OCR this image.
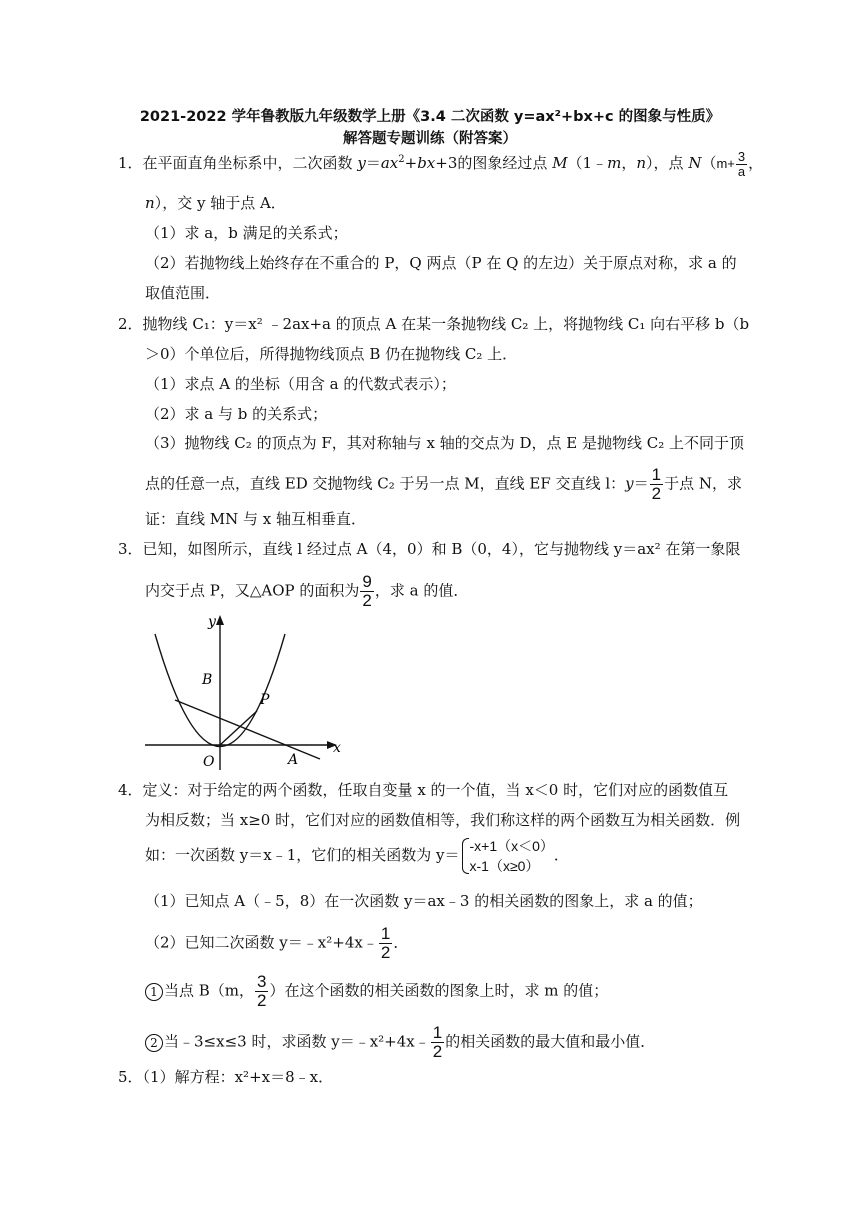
2021-2022 学年鲁教版九年级数学上册《3.4 二次函数 y=ax²+bx+c 的图象与性质》
解答题专题训练（附答案）
1．在平面直角坐标系中，二次函数 $y=ax^2+bx+3$的图象经过点 M（1﹣m，n），点 $N(m+ \frac{3}{a}$ ，
n），交 y 轴于点 A．
（1）求 a，b 满足的关系式；
（2）若抛物线上始终存在不重合的 P，Q 两点（P 在 Q 的左边）关于原点对称，求 a 的
取值范围．
2．抛物线 C₁：y＝x² ﹣2ax+a 的顶点 A 在某一条抛物线 C₂ 上，将抛物线 C₁ 向右平移 b（b
＞0）个单位后，所得抛物线顶点 B 仍在抛物线 C₂ 上．
（1）求点 A 的坐标（用含 a 的代数式表示）；
（2）求 a 与 b 的关系式；
（3）抛物线 C₂ 的顶点为 F，其对称轴与 x 轴的交点为 D，点 E 是抛物线 C₂ 上不同于顶
点的任意一点，直线 ED 交抛物线 C₂ 于另一点 M，直线 EF 交直线 l：$y= \frac{1}{2}$ 于点 N，求
证：直线 MN 与 x 轴互相垂直．
3．已知，如图所示，直线 l 经过点 A（4，0）和 B（0，4），它与抛物线 y＝ax² 在第一象限
内交于点 P，又△AOP 的面积为 $\frac{9}{2}$ ，求 a 的值．
B
P
O	A
y
x
4．定义：对于给定的两个函数，任取自变量 x 的一个值，当 x＜0 时，它们对应的函数值互
为相反数；当 x≥0 时，它们对应的函数值相等，我们称这样的两个函数互为相关函数．例
如：一次函数 y＝x﹣1，它们的相关函数为 y＝ -x+1（x＜0）
x-1（x≥0）
．
（1）已知点 A（﹣5，8）在一次函数 y＝ax﹣3 的相关函数的图象上，求 a 的值；
（2）已知二次函数 y＝﹣x²+4x﹣ $\frac{1}{2}$ ．
1 当点 B（m， $\frac{3}{2}$ ）在这个函数的相关函数的图象上时，求 m 的值；
2 当﹣3≤x≤3 时，求函数 y＝﹣x²+4x﹣ $\frac{1}{2}$ 的相关函数的最大值和最小值．
5．（1）解方程：x²+x＝8﹣x．
